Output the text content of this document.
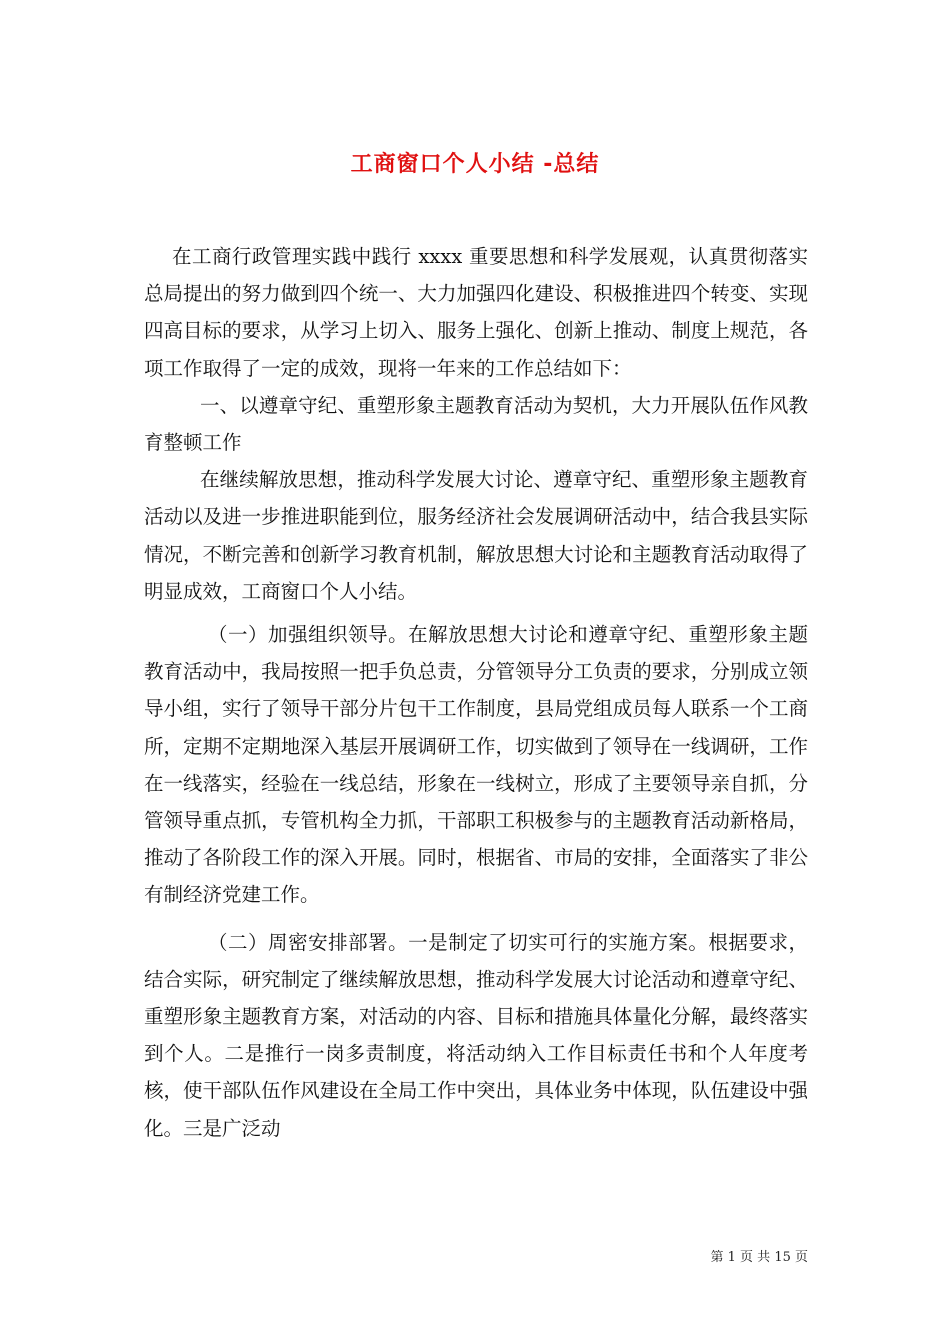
工商窗口个人小结 -总结

在工商行政管理实践中践行 xxxx 重要思想和科学发展观，认真贯彻落实总局提出的努力做到四个统一、大力加强四化建设、积极推进四个转变、实现四高目标的要求，从学习上切入、服务上强化、创新上推动、制度上规范，各项工作取得了一定的成效，现将一年来的工作总结如下：

一、以遵章守纪、重塑形象主题教育活动为契机，大力开展队伍作风教育整顿工作

在继续解放思想，推动科学发展大讨论、遵章守纪、重塑形象主题教育活动以及进一步推进职能到位，服务经济社会发展调研活动中，结合我县实际情况，不断完善和创新学习教育机制，解放思想大讨论和主题教育活动取得了明显成效，工商窗口个人小结。

（一）加强组织领导。在解放思想大讨论和遵章守纪、重塑形象主题教育活动中，我局按照一把手负总责，分管领导分工负责的要求，分别成立领导小组，实行了领导干部分片包干工作制度，县局党组成员每人联系一个工商所，定期不定期地深入基层开展调研工作，切实做到了领导在一线调研，工作在一线落实，经验在一线总结，形象在一线树立，形成了主要领导亲自抓，分管领导重点抓，专管机构全力抓，干部职工积极参与的主题教育活动新格局，推动了各阶段工作的深入开展。同时，根据省、市局的安排，全面落实了非公有制经济党建工作。

（二）周密安排部署。一是制定了切实可行的实施方案。根据要求，结合实际，研究制定了继续解放思想，推动科学发展大讨论活动和遵章守纪、重塑形象主题教育方案，对活动的内容、目标和措施具体量化分解，最终落实到个人。二是推行一岗多责制度，将活动纳入工作目标责任书和个人年度考核，使干部队伍作风建设在全局工作中突出，具体业务中体现，队伍建设中强化。三是广泛动

第 1 页 共 15 页
